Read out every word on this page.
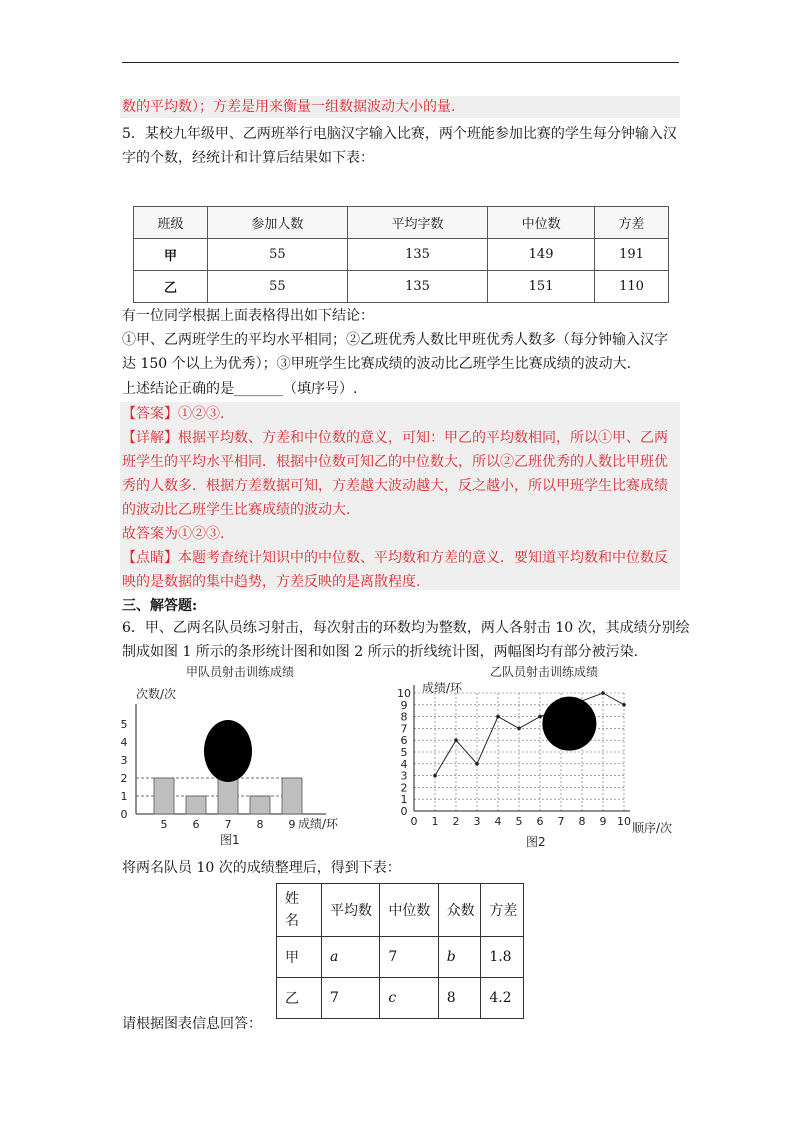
数的平均数）；方差是用来衡量一组数据波动大小的量.
5．某校九年级甲、乙两班举行电脑汉字输入比赛，两个班能参加比赛的学生每分钟输入汉
字的个数，经统计和计算后结果如下表：
班级	参加人数	平均字数	中位数	方差
甲	55	135	149	191
乙	55	135	151	110
有一位同学根据上面表格得出如下结论：
①甲、乙两班学生的平均水平相同；②乙班优秀人数比甲班优秀人数多（每分钟输入汉字
达 150 个以上为优秀）；③甲班学生比赛成绩的波动比乙班学生比赛成绩的波动大.
上述结论正确的是_______（填序号）.
【答案】①②③.
【详解】根据平均数、方差和中位数的意义，可知：甲乙的平均数相同，所以①甲、乙两
班学生的平均水平相同．根据中位数可知乙的中位数大，所以②乙班优秀的人数比甲班优
秀的人数多．根据方差数据可知，方差越大波动越大，反之越小，所以甲班学生比赛成绩
的波动比乙班学生比赛成绩的波动大.
故答案为①②③.
【点睛】本题考查统计知识中的中位数、平均数和方差的意义．要知道平均数和中位数反
映的是数据的集中趋势，方差反映的是离散程度.
三、解答题:
6．甲、乙两名队员练习射击，每次射击的环数均为整数，两人各射击 10 次，其成绩分别绘
制成如图 1 所示的条形统计图和如图 2 所示的折线统计图，两幅图均有部分被污染.
甲队员射击训练成绩
次数/次
成绩/环
图1
0
1
2
3
4
5
5 6 7 8 9
乙队员射击训练成绩
成绩/环
顺序/次
图2
0
1
2
3
4
5
6
7
8
9
10
0 1 2 3 4 5 6 7 8 9 10
将两名队员 10 次的成绩整理后，得到下表：
姓
名	平均数	中位数	众数	方差
甲	a	7	b	1.8
乙	7	c	8	4.2
请根据图表信息回答：
